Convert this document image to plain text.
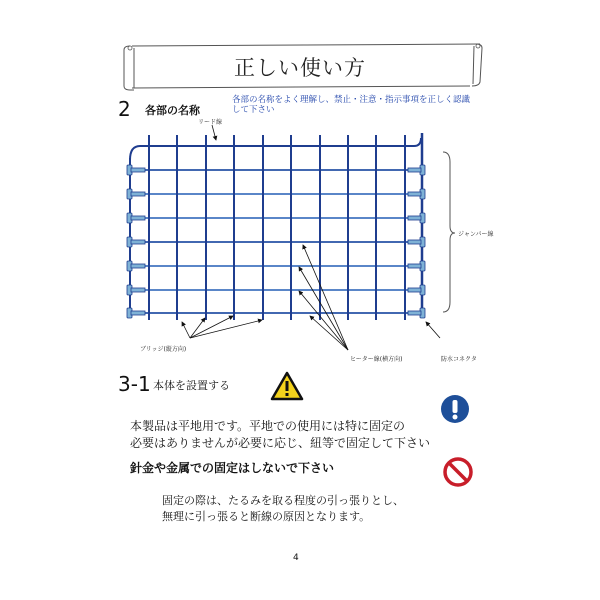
正しい使い方
2 各部の名称
各部の名称をよく理解し、禁止・注意・指示事項を正しく認識
して下さい
リード線
ジャンパー線
ブリッジ(縦方向)
ヒーター線(横方向)	防水コネクタ
3-1 本体を設置する
本製品は平地用です。平地での使用には特に固定の
必要はありませんが必要に応じ、紐等で固定して下さい
針金や金属での固定はしないで下さい
固定の際は、たるみを取る程度の引っ張りとし、
無理に引っ張ると断線の原因となります。
4
